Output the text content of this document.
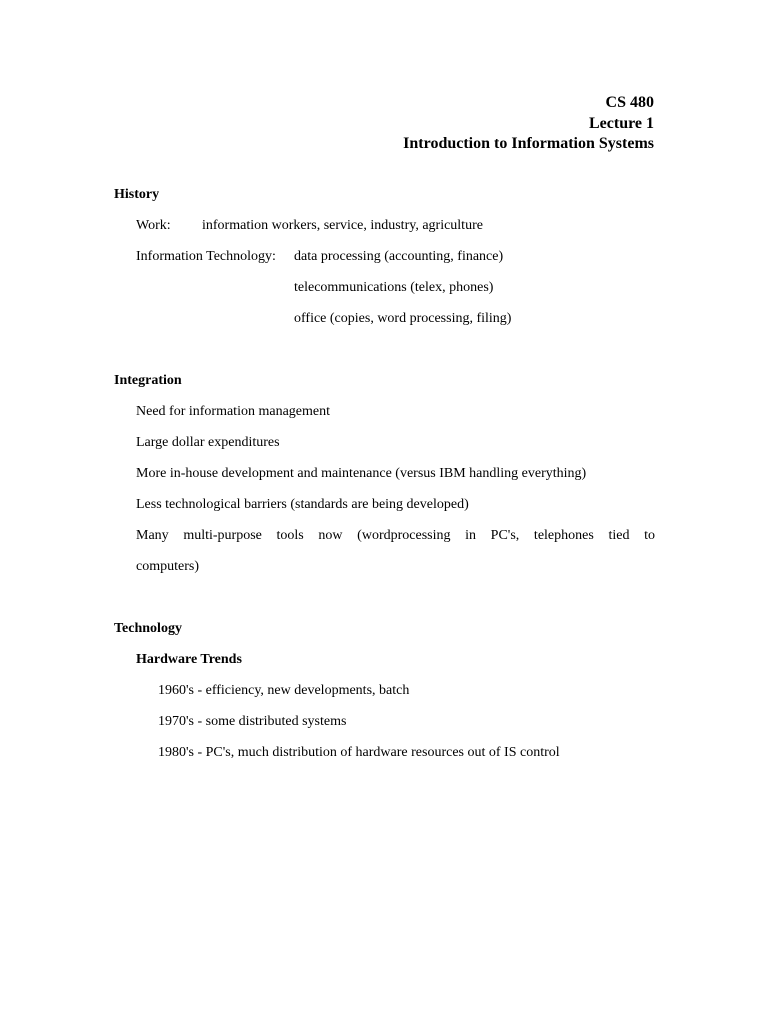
CS 480
Lecture 1
Introduction to Information Systems
History
Work: information workers, service, industry, agriculture
Information Technology: data processing (accounting, finance)
telecommunications (telex, phones)
office (copies, word processing, filing)
Integration
Need for information management
Large dollar expenditures
More in-house development and maintenance (versus IBM handling everything)
Less technological barriers (standards are being developed)
Many multi-purpose tools now (wordprocessing in PC's, telephones tied to
computers)
Technology
Hardware Trends
1960's - efficiency, new developments, batch
1970's - some distributed systems
1980's - PC's, much distribution of hardware resources out of IS control
